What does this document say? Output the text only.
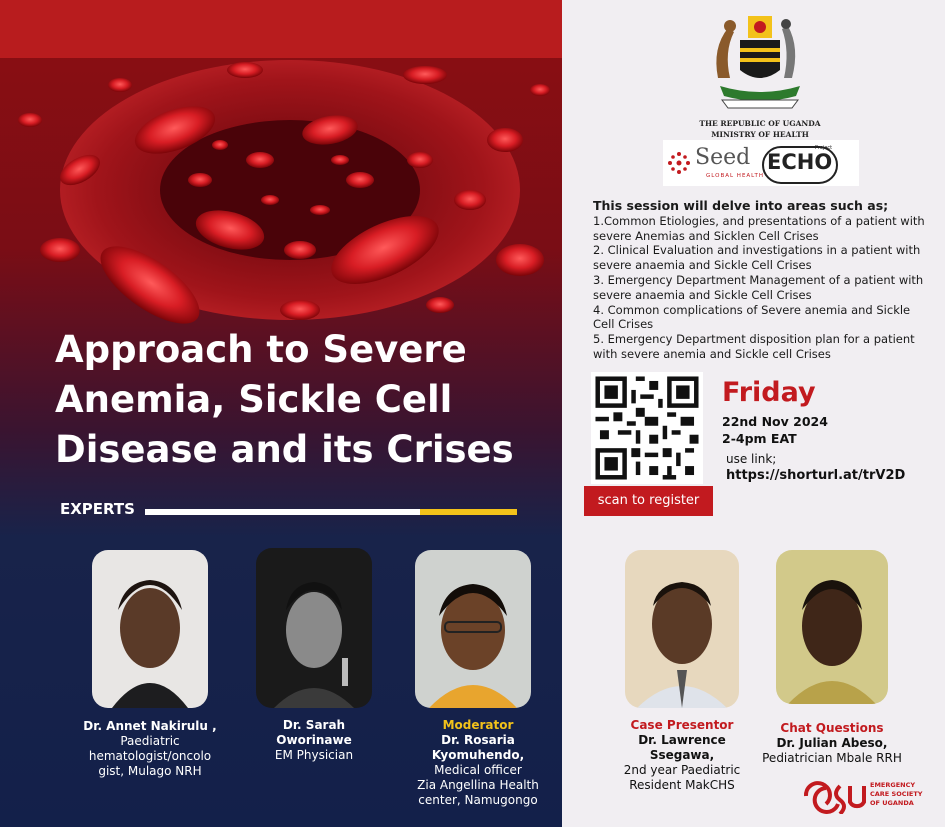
Approach to Severe Anemia, Sickle Cell Disease and its Crises
EXPERTS
THE REPUBLIC OF UGANDA
MINISTRY OF HEALTH
Seed
GLOBAL HEALTH
Project
ECHO
This session will delve into areas such as;
1.Common Etiologies, and presentations of a patient with severe Anemias and Sicklen Cell Crises
2. Clinical Evaluation and investigations in a patient with severe anaemia and Sickle Cell Crises
3. Emergency Department Management of a patient with severe anaemia and Sickle Cell Crises
4. Common complications of Severe anemia and Sickle Cell Crises
5. Emergency Department disposition plan for a patient with severe anemia and Sickle cell Crises
scan to register
Friday
22nd Nov 2024
2-4pm EAT
use link;
https://shorturl.at/trV2D
Dr. Annet Nakirulu ,
Paediatric
hematologist/oncolo
gist, Mulago NRH
Dr. Sarah
Oworinawe
EM Physician
Moderator
Dr. Rosaria
Kyomuhendo,
Medical officer
Zia Angellina Health
center, Namugongo
Case Presentor
Dr. Lawrence
Ssegawa,
2nd year Paediatric
Resident MakCHS
Chat Questions
Dr. Julian Abeso,
Pediatrician Mbale RRH
EMERGENCY
CARE SOCIETY
OF UGANDA
